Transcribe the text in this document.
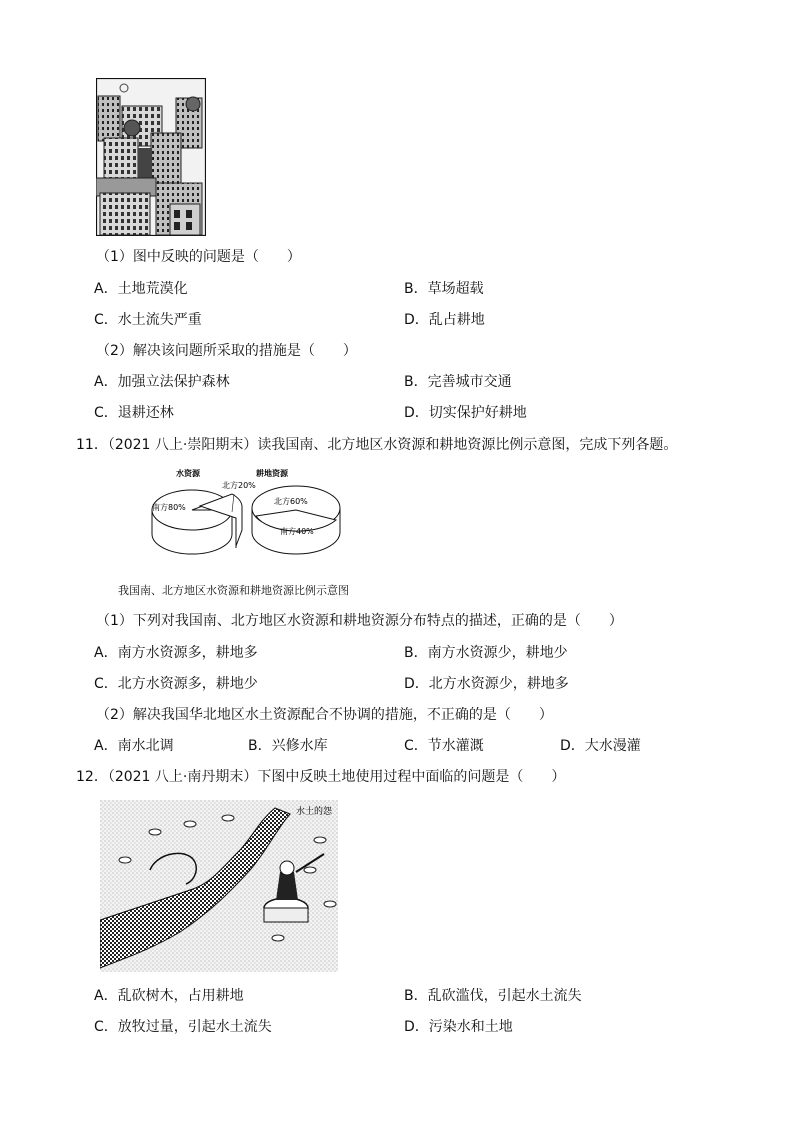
（1）图中反映的问题是（　　）
A．土地荒漠化	B．草场超载
C．水土流失严重	D．乱占耕地
（2）解决该问题所采取的措施是（　　）
A．加强立法保护森林	B．完善城市交通
C．退耕还林	D．切实保护好耕地
11．（2021 八上·崇阳期末）读我国南、北方地区水资源和耕地资源比例示意图，完成下列各题。
水资源
南方80%
北方20%
耕地资源
北方60%
南方40%
我国南、北方地区水资源和耕地资源比例示意图
（1）下列对我国南、北方地区水资源和耕地资源分布特点的描述，正确的是（　　）
A．南方水资源多，耕地多	B．南方水资源少，耕地少
C．北方水资源多，耕地少	D．北方水资源少，耕地多
（2）解决我国华北地区水土资源配合不协调的措施，不正确的是（　　）
A．南水北调	B．兴修水库	C．节水灌溉	D．大水漫灌
12．（2021 八上·南丹期末）下图中反映土地使用过程中面临的问题是（　　）
水土的怨
A．乱砍树木，占用耕地	B．乱砍滥伐，引起水土流失
C．放牧过量，引起水土流失	D．污染水和土地
